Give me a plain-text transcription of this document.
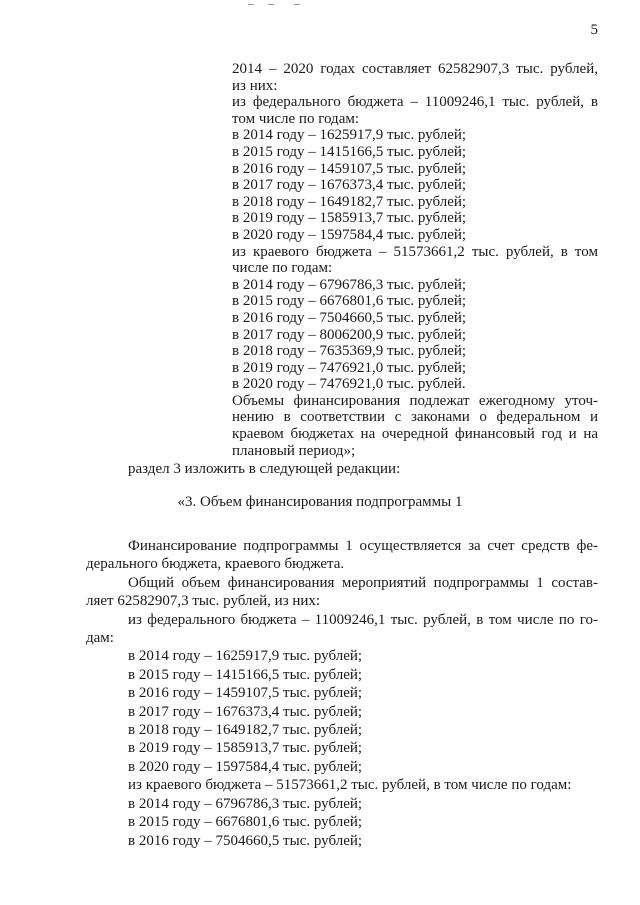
5
2014 – 2020 годах составляет 62582907,3 тыс. рублей,
из них:
из федерального бюджета – 11009246,1 тыс. рублей, в
том числе по годам:
в 2014 году – 1625917,9 тыс. рублей;
в 2015 году – 1415166,5 тыс. рублей;
в 2016 году – 1459107,5 тыс. рублей;
в 2017 году – 1676373,4 тыс. рублей;
в 2018 году – 1649182,7 тыс. рублей;
в 2019 году – 1585913,7 тыс. рублей;
в 2020 году – 1597584,4 тыс. рублей;
из краевого бюджета – 51573661,2 тыс. рублей, в том
числе по годам:
в 2014 году – 6796786,3 тыс. рублей;
в 2015 году – 6676801,6 тыс. рублей;
в 2016 году – 7504660,5 тыс. рублей;
в 2017 году – 8006200,9 тыс. рублей;
в 2018 году – 7635369,9 тыс. рублей;
в 2019 году – 7476921,0 тыс. рублей;
в 2020 году – 7476921,0 тыс. рублей.
Объемы финансирования подлежат ежегодному уточ-
нению в соответствии с законами о федеральном и
краевом бюджетах на очередной финансовый год и на
плановый период»;
раздел 3 изложить в следующей редакции:
«3. Объем финансирования подпрограммы 1
Финансирование подпрограммы 1 осуществляется за счет средств фе-
дерального бюджета, краевого бюджета.
Общий объем финансирования мероприятий подпрограммы 1 состав-
ляет 62582907,3 тыс. рублей, из них:
из федерального бюджета – 11009246,1 тыс. рублей, в том числе по го-
дам:
в 2014 году – 1625917,9 тыс. рублей;
в 2015 году – 1415166,5 тыс. рублей;
в 2016 году – 1459107,5 тыс. рублей;
в 2017 году – 1676373,4 тыс. рублей;
в 2018 году – 1649182,7 тыс. рублей;
в 2019 году – 1585913,7 тыс. рублей;
в 2020 году – 1597584,4 тыс. рублей;
из краевого бюджета – 51573661,2 тыс. рублей, в том числе по годам:
в 2014 году – 6796786,3 тыс. рублей;
в 2015 году – 6676801,6 тыс. рублей;
в 2016 году – 7504660,5 тыс. рублей;
